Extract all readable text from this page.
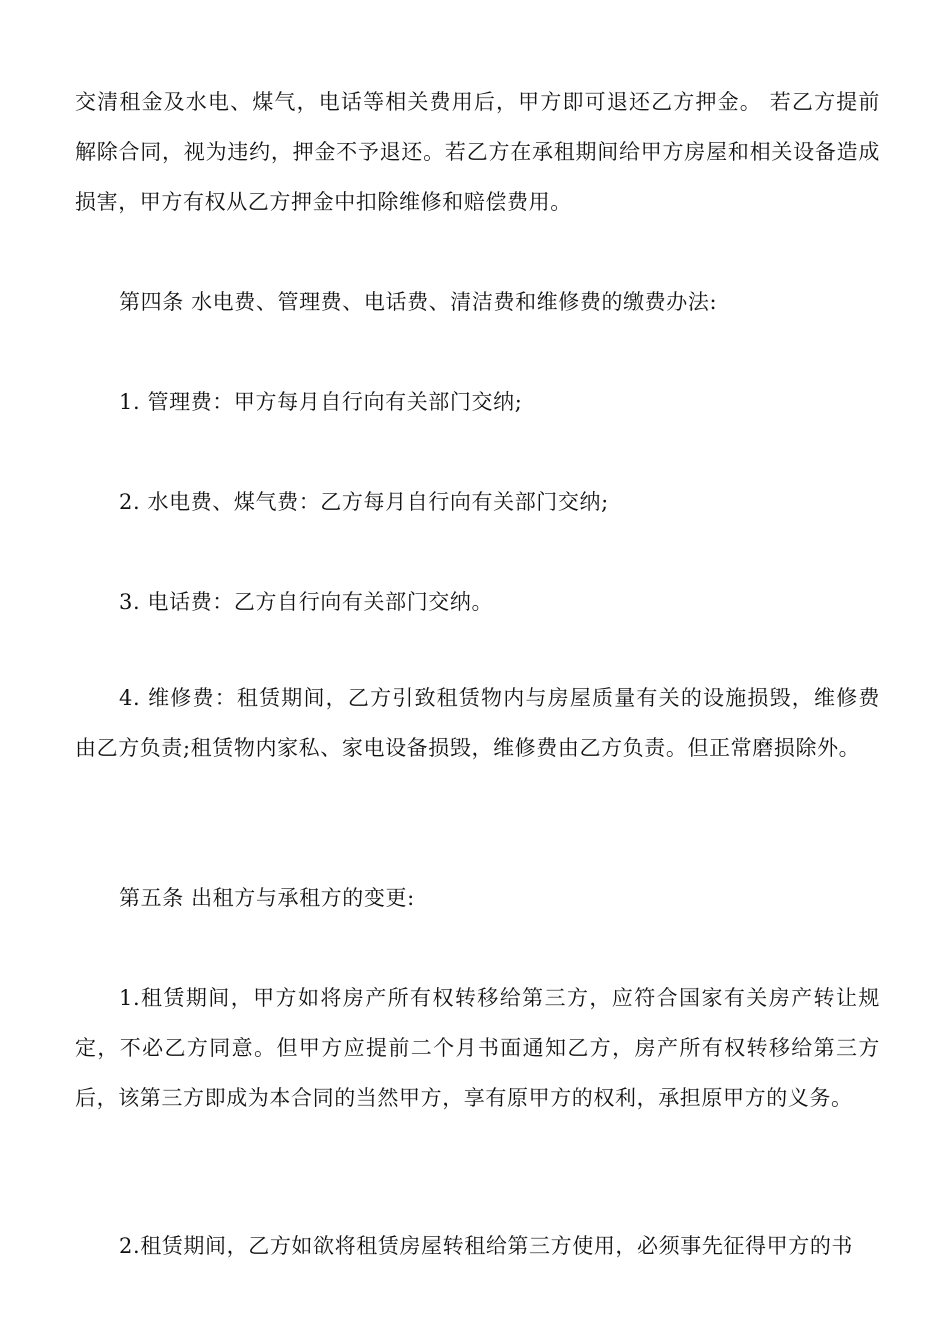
交清租金及水电、煤气，电话等相关费用后，甲方即可退还乙方押金。 若乙方提前解除合同，视为违约，押金不予退还。若乙方在承租期间给甲方房屋和相关设备造成损害，甲方有权从乙方押金中扣除维修和赔偿费用。

第四条 水电费、管理费、电话费、清洁费和维修费的缴费办法:

1. 管理费：甲方每月自行向有关部门交纳;

2. 水电费、煤气费：乙方每月自行向有关部门交纳;

3. 电话费：乙方自行向有关部门交纳。

4. 维修费：租赁期间，乙方引致租赁物内与房屋质量有关的设施损毁，维修费由乙方负责;租赁物内家私、家电设备损毁，维修费由乙方负责。但正常磨损除外。

第五条 出租方与承租方的变更:

1.租赁期间，甲方如将房产所有权转移给第三方，应符合国家有关房产转让规定，不必乙方同意。但甲方应提前二个月书面通知乙方，房产所有权转移给第三方后，该第三方即成为本合同的当然甲方，享有原甲方的权利，承担原甲方的义务。

2.租赁期间，乙方如欲将租赁房屋转租给第三方使用，必须事先征得甲方的书
